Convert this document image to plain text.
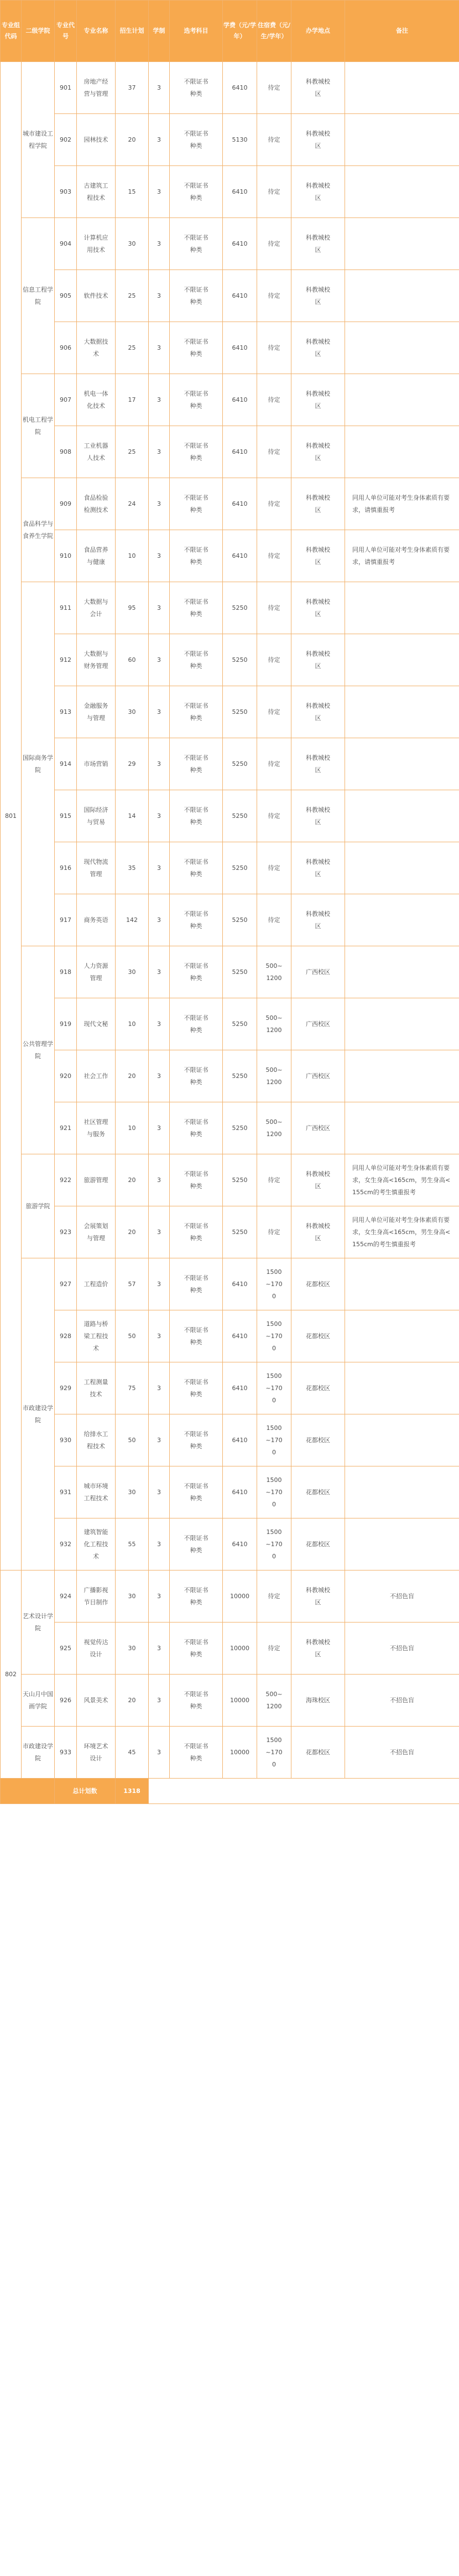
专业组代码	二级学院	专业代号	专业名称	招生计划	学制	选考科目	学费（元/学年）	住宿费（元/生/学年）	办学地点	备注
801	城市建设工程学院	901	房地产经营与管理	37	3	不限证书种类	6410	待定	科教城校区	
		902	园林技术	20	3	不限证书种类	5130	待定	科教城校区	
		903	古建筑工程技术	15	3	不限证书种类	6410	待定	科教城校区	
	信息工程学院	904	计算机应用技术	30	3	不限证书种类	6410	待定	科教城校区	
		905	软件技术	25	3	不限证书种类	6410	待定	科教城校区	
		906	大数据技术	25	3	不限证书种类	6410	待定	科教城校区	
	机电工程学院	907	机电一体化技术	17	3	不限证书种类	6410	待定	科教城校区	
		908	工业机器人技术	25	3	不限证书种类	6410	待定	科教城校区	
	食品科学与食养生学院	909	食品检验检测技术	24	3	不限证书种类	6410	待定	科教城校区	同用人单位可能对考生身体素质有要求，请慎重报考
		910	食品营养与健康	10	3	不限证书种类	6410	待定	科教城校区	同用人单位可能对考生身体素质有要求，请慎重报考
	国际商务学院	911	大数据与会计	95	3	不限证书种类	5250	待定	科教城校区	
		912	大数据与财务管理	60	3	不限证书种类	5250	待定	科教城校区	
		913	金融服务与管理	30	3	不限证书种类	5250	待定	科教城校区	
		914	市场营销	29	3	不限证书种类	5250	待定	科教城校区	
		915	国际经济与贸易	14	3	不限证书种类	5250	待定	科教城校区	
		916	现代物流管理	35	3	不限证书种类	5250	待定	科教城校区	
		917	商务英语	142	3	不限证书种类	5250	待定	科教城校区	
	公共管理学院	918	人力资源管理	30	3	不限证书种类	5250	500~1200	广西校区	
		919	现代文秘	10	3	不限证书种类	5250	500~1200	广西校区	
		920	社会工作	20	3	不限证书种类	5250	500~1200	广西校区	
		921	社区管理与服务	10	3	不限证书种类	5250	500~1200	广西校区	
	旅游学院	922	旅游管理	20	3	不限证书种类	5250	待定	科教城校区	同用人单位可能对考生身体素质有要求，女生身高<165cm，男生身高<155cm的考生慎重报考
		923	会展策划与管理	20	3	不限证书种类	5250	待定	科教城校区	同用人单位可能对考生身体素质有要求，女生身高<165cm，男生身高<155cm的考生慎重报考
	市政建设学院	927	工程造价	57	3	不限证书种类	6410	1500~1700	花都校区	
		928	道路与桥梁工程技术	50	3	不限证书种类	6410	1500~1700	花都校区	
		929	工程测量技术	75	3	不限证书种类	6410	1500~1700	花都校区	
		930	给排水工程技术	50	3	不限证书种类	6410	1500~1700	花都校区	
		931	城市环境工程技术	30	3	不限证书种类	6410	1500~1700	花都校区	
		932	建筑智能化工程技术	55	3	不限证书种类	6410	1500~1700	花都校区	
802	艺术设计学院	924	广播影视节目制作	30	3	不限证书种类	10000	待定	科教城校区	不招色盲
		925	视觉传达设计	30	3	不限证书种类	10000	待定	科教城校区	不招色盲
	天山月中国画学院	926	风景美术	20	3	不限证书种类	10000	500~1200	海珠校区	不招色盲
	市政建设学院	933	环境艺术设计	45	3	不限证书种类	10000	1500~1700	花都校区	不招色盲
		总计划数		1318						
